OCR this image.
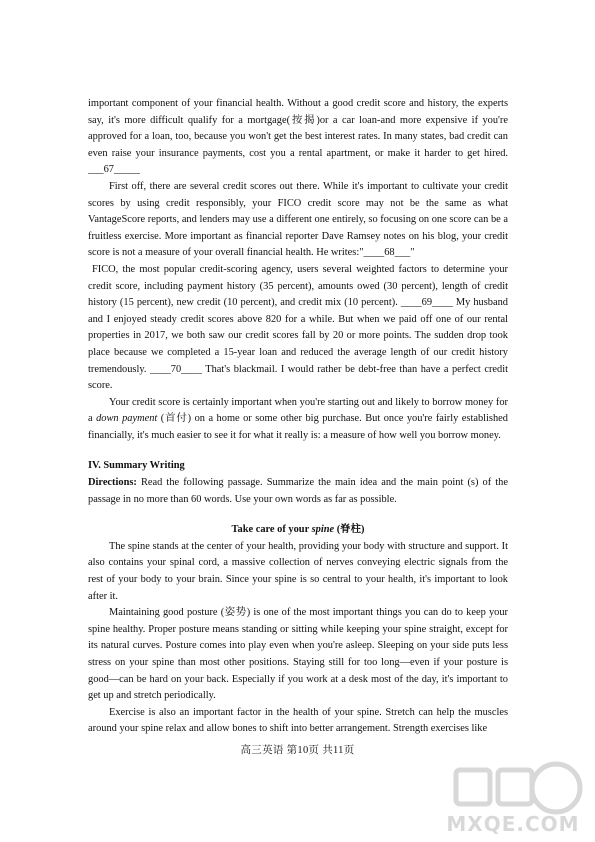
important component of your financial health. Without a good credit score and history, the experts say, it's more difficult qualify for a mortgage(按揭)or a car loan-and more expensive if you're approved for a loan, too, because you won't get the best interest rates. In many states, bad credit can even raise your insurance payments, cost you a rental apartment, or make it harder to get hired. ___67_____

First off, there are several credit scores out there. While it's important to cultivate your credit scores by using credit responsibly, your FICO credit score may not be the same as what VantageScore reports, and lenders may use a different one entirely, so focusing on one score can be a fruitless exercise. More important as financial reporter Dave Ramsey notes on his blog, your credit score is not a measure of your overall financial health. He writes:"____68___"

FICO, the most popular credit-scoring agency, users several weighted factors to determine your credit score, including payment history (35 percent), amounts owed (30 percent), length of credit history (15 percent), new credit (10 percent), and credit mix (10 percent). ____69____ My husband and I enjoyed steady credit scores above 820 for a while. But when we paid off one of our rental properties in 2017, we both saw our credit scores fall by 20 or more points. The sudden drop took place because we completed a 15-year loan and reduced the average length of our credit history tremendously. ____70____ That's blackmail. I would rather be debt-free than have a perfect credit score.

Your credit score is certainly important when you're starting out and likely to borrow money for a down payment (首付) on a home or some other big purchase. But once you're fairly established financially, it's much easier to see it for what it really is: a measure of how well you borrow money.

IV. Summary Writing

Directions: Read the following passage. Summarize the main idea and the main point (s) of the passage in no more than 60 words. Use your own words as far as possible.

Take care of your spine (脊柱)

The spine stands at the center of your health, providing your body with structure and support. It also contains your spinal cord, a massive collection of nerves conveying electric signals from the rest of your body to your brain. Since your spine is so central to your health, it's important to look after it.

Maintaining good posture (姿势) is one of the most important things you can do to keep your spine healthy. Proper posture means standing or sitting while keeping your spine straight, except for its natural curves. Posture comes into play even when you're asleep. Sleeping on your side puts less stress on your spine than most other positions. Staying still for too long—even if your posture is good—can be hard on your back. Especially if you work at a desk most of the day, it's important to get up and stretch periodically.

Exercise is also an important factor in the health of your spine. Stretch can help the muscles around your spine relax and allow bones to shift into better arrangement. Strength exercises like

高三英语 第10页 共11页
MXQE.COM
